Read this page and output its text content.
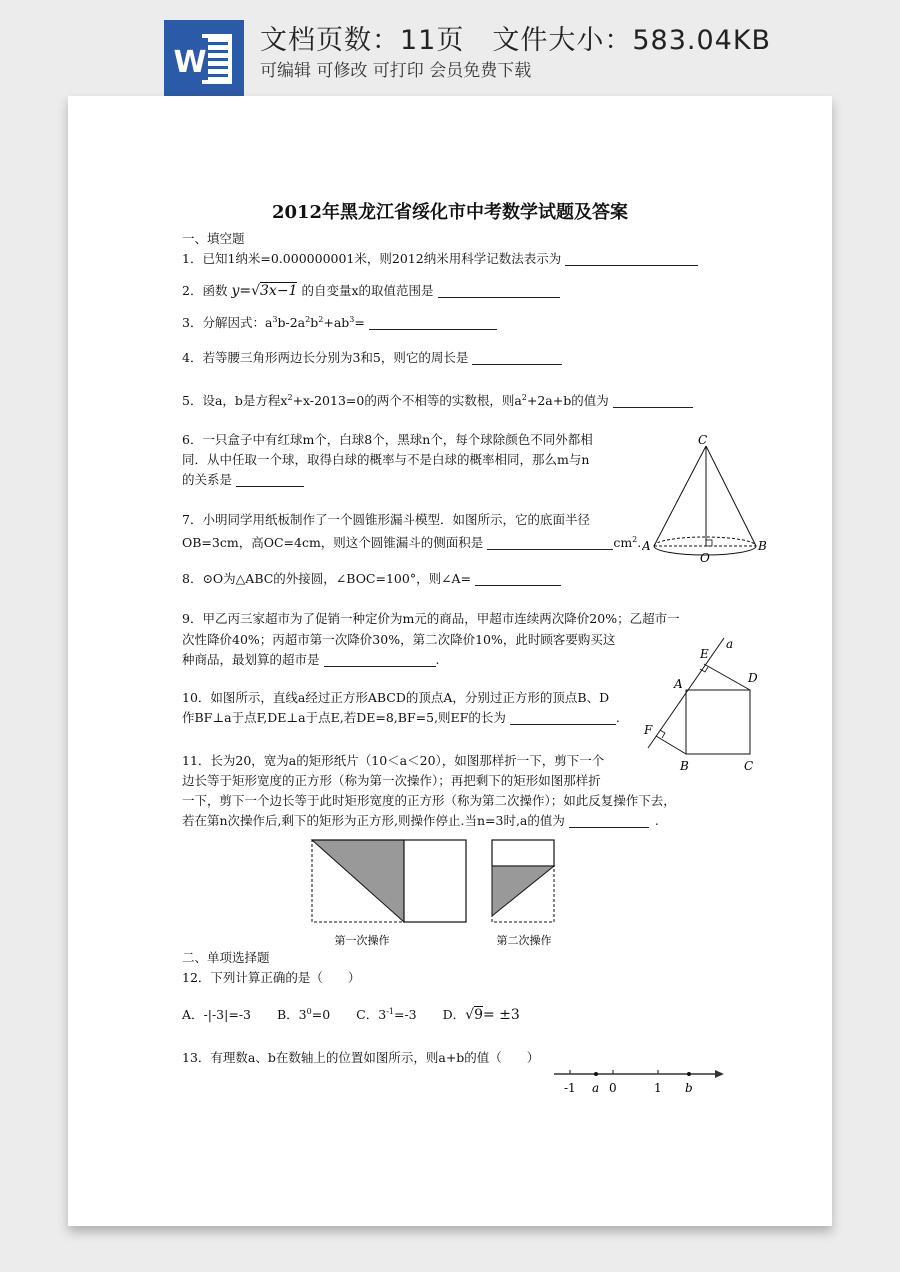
W
文档页数：11页　文件大小：583.04KB
可编辑 可修改 可打印 会员免费下载
2012年黑龙江省绥化市中考数学试题及答案
一、填空题
1．已知1纳米=0.000000001米，则2012纳米用科学记数法表示为
2．函数 y=√3x−1 的自变量x的取值范围是
3．分解因式：$a^3b-2a^2b^2+ab^3=$
4．若等腰三角形两边长分别为3和5，则它的周长是
5．设a，b是方程$x^2+x-2013=0$的两个不相等的实数根，则$a^2+2a+b$的值为
6．一只盒子中有红球m个，白球8个，黑球n个，每个球除颜色不同外都相
同．从中任取一个球，取得白球的概率与不是白球的概率相同，那么m与n
的关系是
7．小明同学用纸板制作了一个圆锥形漏斗模型．如图所示，它的底面半径
OB=3cm，高OC=4cm，则这个圆锥漏斗的侧面积是	$cm^2$.
8．⊙O为△ABC的外接圆，∠BOC=100°，则∠A=
9．甲乙丙三家超市为了促销一种定价为m元的商品，甲超市连续两次降价20%；乙超市一
次性降价40%；丙超市第一次降价30%，第二次降价10%，此时顾客要购买这
种商品，最划算的超市是	.
10．如图所示，直线a经过正方形ABCD的顶点A，分别过正方形的顶点B、D
作BF⊥a于点F,DE⊥a于点E,若DE=8,BF=5,则EF的长为	.
11．长为20，宽为a的矩形纸片（10＜a＜20），如图那样折一下，剪下一个
边长等于矩形宽度的正方形（称为第一次操作）；再把剩下的矩形如图那样折
一下，剪下一个边长等于此时矩形宽度的正方形（称为第二次操作）；如此反复操作下去，
若在第n次操作后,剩下的矩形为正方形,则操作停止.当n=3时,a的值为	.
C
A	B
O
E
a
A	D
F
B	C
第一次操作	第二次操作
二、单项选择题
12．下列计算正确的是（　　）
A．-|-3|=-3 B．$3^0=0$ C．$3^{-1}=-3$ D．√9= ±3
13．有理数a、b在数轴上的位置如图所示，则a+b的值（　　）
-1 a 0	1 b
